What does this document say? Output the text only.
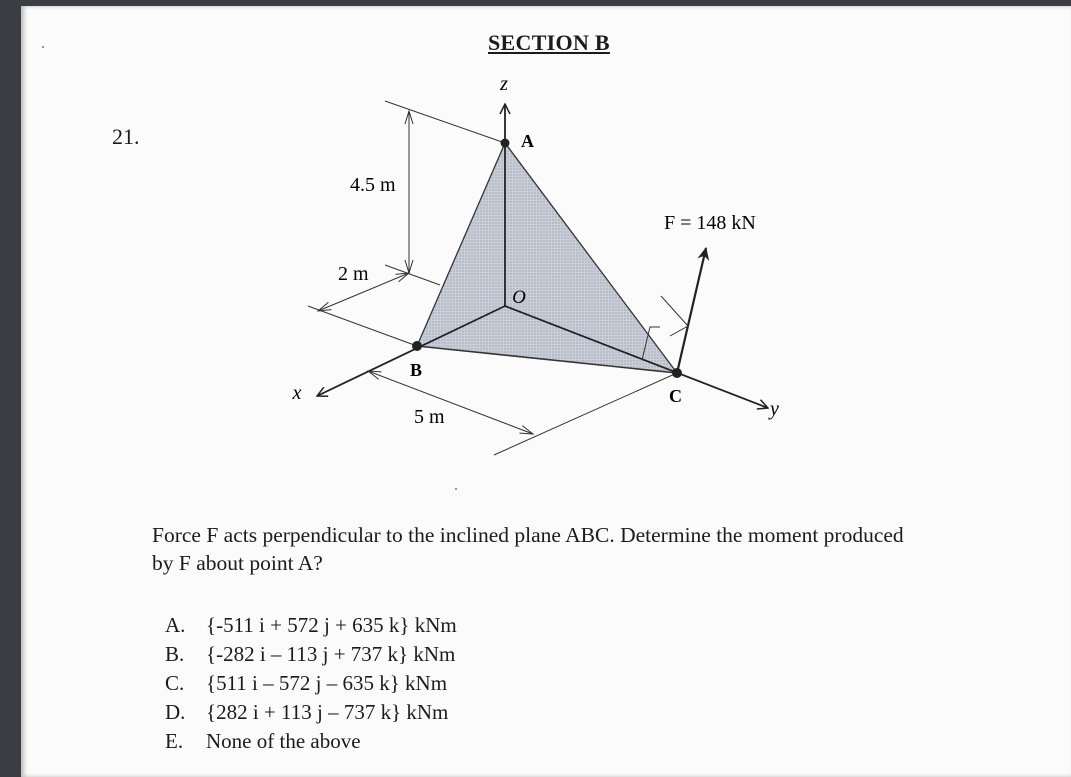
SECTION B
21.
z
x
y
O
A
B
C
F = 148 kN
4.5 m
2 m
5 m
Force F acts perpendicular to the inclined plane ABC. Determine the moment produced
by F about point A?
A. {-511 i + 572 j + 635 k} kNm
B. {-282 i – 113 j + 737 k} kNm
C. {511 i – 572 j – 635 k} kNm
D. {282 i + 113 j – 737 k} kNm
E. None of the above
